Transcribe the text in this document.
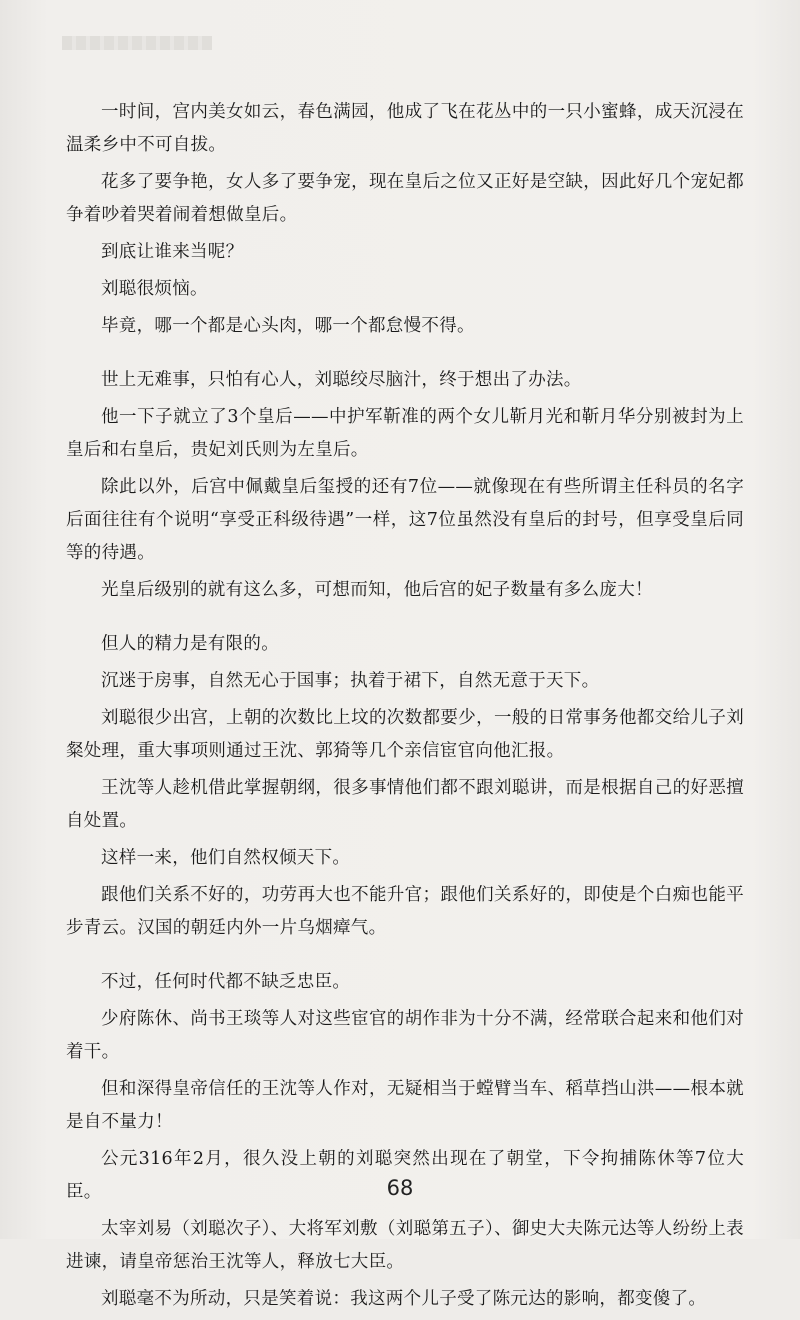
一时间，宫内美女如云，春色满园，他成了飞在花丛中的一只小蜜蜂，成天沉浸在温柔乡中不可自拔。

花多了要争艳，女人多了要争宠，现在皇后之位又正好是空缺，因此好几个宠妃都争着吵着哭着闹着想做皇后。

到底让谁来当呢？

刘聪很烦恼。

毕竟，哪一个都是心头肉，哪一个都怠慢不得。

世上无难事，只怕有心人，刘聪绞尽脑汁，终于想出了办法。

他一下子就立了3个皇后——中护军靳准的两个女儿靳月光和靳月华分别被封为上皇后和右皇后，贵妃刘氏则为左皇后。

除此以外，后宫中佩戴皇后玺授的还有7位——就像现在有些所谓主任科员的名字后面往往有个说明“享受正科级待遇”一样，这7位虽然没有皇后的封号，但享受皇后同等的待遇。

光皇后级别的就有这么多，可想而知，他后宫的妃子数量有多么庞大！

但人的精力是有限的。

沉迷于房事，自然无心于国事；执着于裙下，自然无意于天下。

刘聪很少出宫，上朝的次数比上坟的次数都要少，一般的日常事务他都交给儿子刘粲处理，重大事项则通过王沈、郭猗等几个亲信宦官向他汇报。

王沈等人趁机借此掌握朝纲，很多事情他们都不跟刘聪讲，而是根据自己的好恶擅自处置。

这样一来，他们自然权倾天下。

跟他们关系不好的，功劳再大也不能升官；跟他们关系好的，即使是个白痴也能平步青云。汉国的朝廷内外一片乌烟瘴气。

不过，任何时代都不缺乏忠臣。

少府陈休、尚书王琰等人对这些宦官的胡作非为十分不满，经常联合起来和他们对着干。

但和深得皇帝信任的王沈等人作对，无疑相当于螳臂当车、稻草挡山洪——根本就是自不量力！

公元316年2月，很久没上朝的刘聪突然出现在了朝堂，下令拘捕陈休等7位大臣。

太宰刘易（刘聪次子）、大将军刘敷（刘聪第五子）、御史大夫陈元达等人纷纷上表进谏，请皇帝惩治王沈等人，释放七大臣。

刘聪毫不为所动，只是笑着说：我这两个儿子受了陈元达的影响，都变傻了。

68
